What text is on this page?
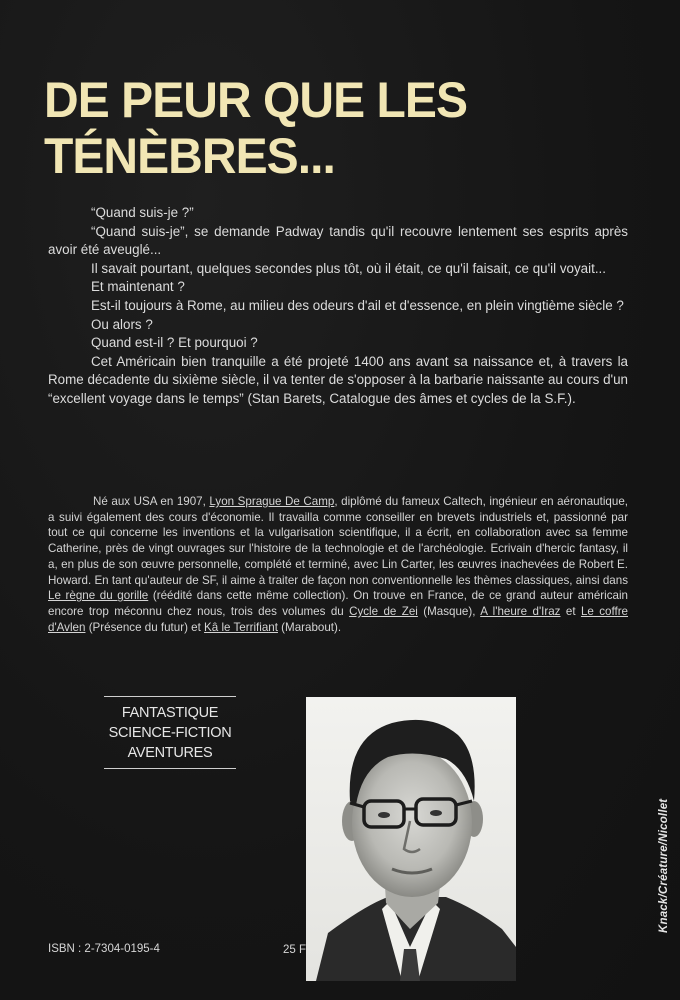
DE PEUR QUE LES
TÉNÈBRES...

“Quand suis-je ?”

“Quand suis-je”, se demande Padway tandis qu'il recouvre lentement ses esprits après avoir été aveuglé...

Il savait pourtant, quelques secondes plus tôt, où il était, ce qu'il faisait, ce qu'il voyait...

Et maintenant ?

Est-il toujours à Rome, au milieu des odeurs d'ail et d'essence, en plein vingtième siècle ?

Ou alors ?

Quand est-il ? Et pourquoi ?

Cet Américain bien tranquille a été projeté 1400 ans avant sa naissance et, à travers la Rome décadente du sixième siècle, il va tenter de s'opposer à la barbarie naissante au cours d'un “excellent voyage dans le temps” (Stan Barets, Catalogue des âmes et cycles de la S.F.).

Né aux USA en 1907, Lyon Sprague De Camp, diplômé du fameux Caltech, ingénieur en aéronautique, a suivi également des cours d'économie. Il travailla comme conseiller en brevets industriels et, passionné par tout ce qui concerne les inventions et la vulgarisation scientifique, il a écrit, en collaboration avec sa femme Catherine, près de vingt ouvrages sur l'histoire de la technologie et de l'archéologie. Ecrivain d'hercic fantasy, il a, en plus de son œuvre personnelle, complété et terminé, avec Lin Carter, les œuvres inachevées de Robert E. Howard. En tant qu'auteur de SF, il aime à traiter de façon non conventionnelle les thèmes classiques, ainsi dans Le règne du gorille (réédité dans cette même collection). On trouve en France, de ce grand auteur américain encore trop méconnu chez nous, trois des volumes du Cycle de Zei (Masque), A l'heure d'Iraz et Le coffre d'Avlen (Présence du futur) et Kâ le Terrifiant (Marabout).

FANTASTIQUE
SCIENCE-FICTION
AVENTURES
Knack/Créature/Nicollet
ISBN : 2-7304-0195-4	25 F
